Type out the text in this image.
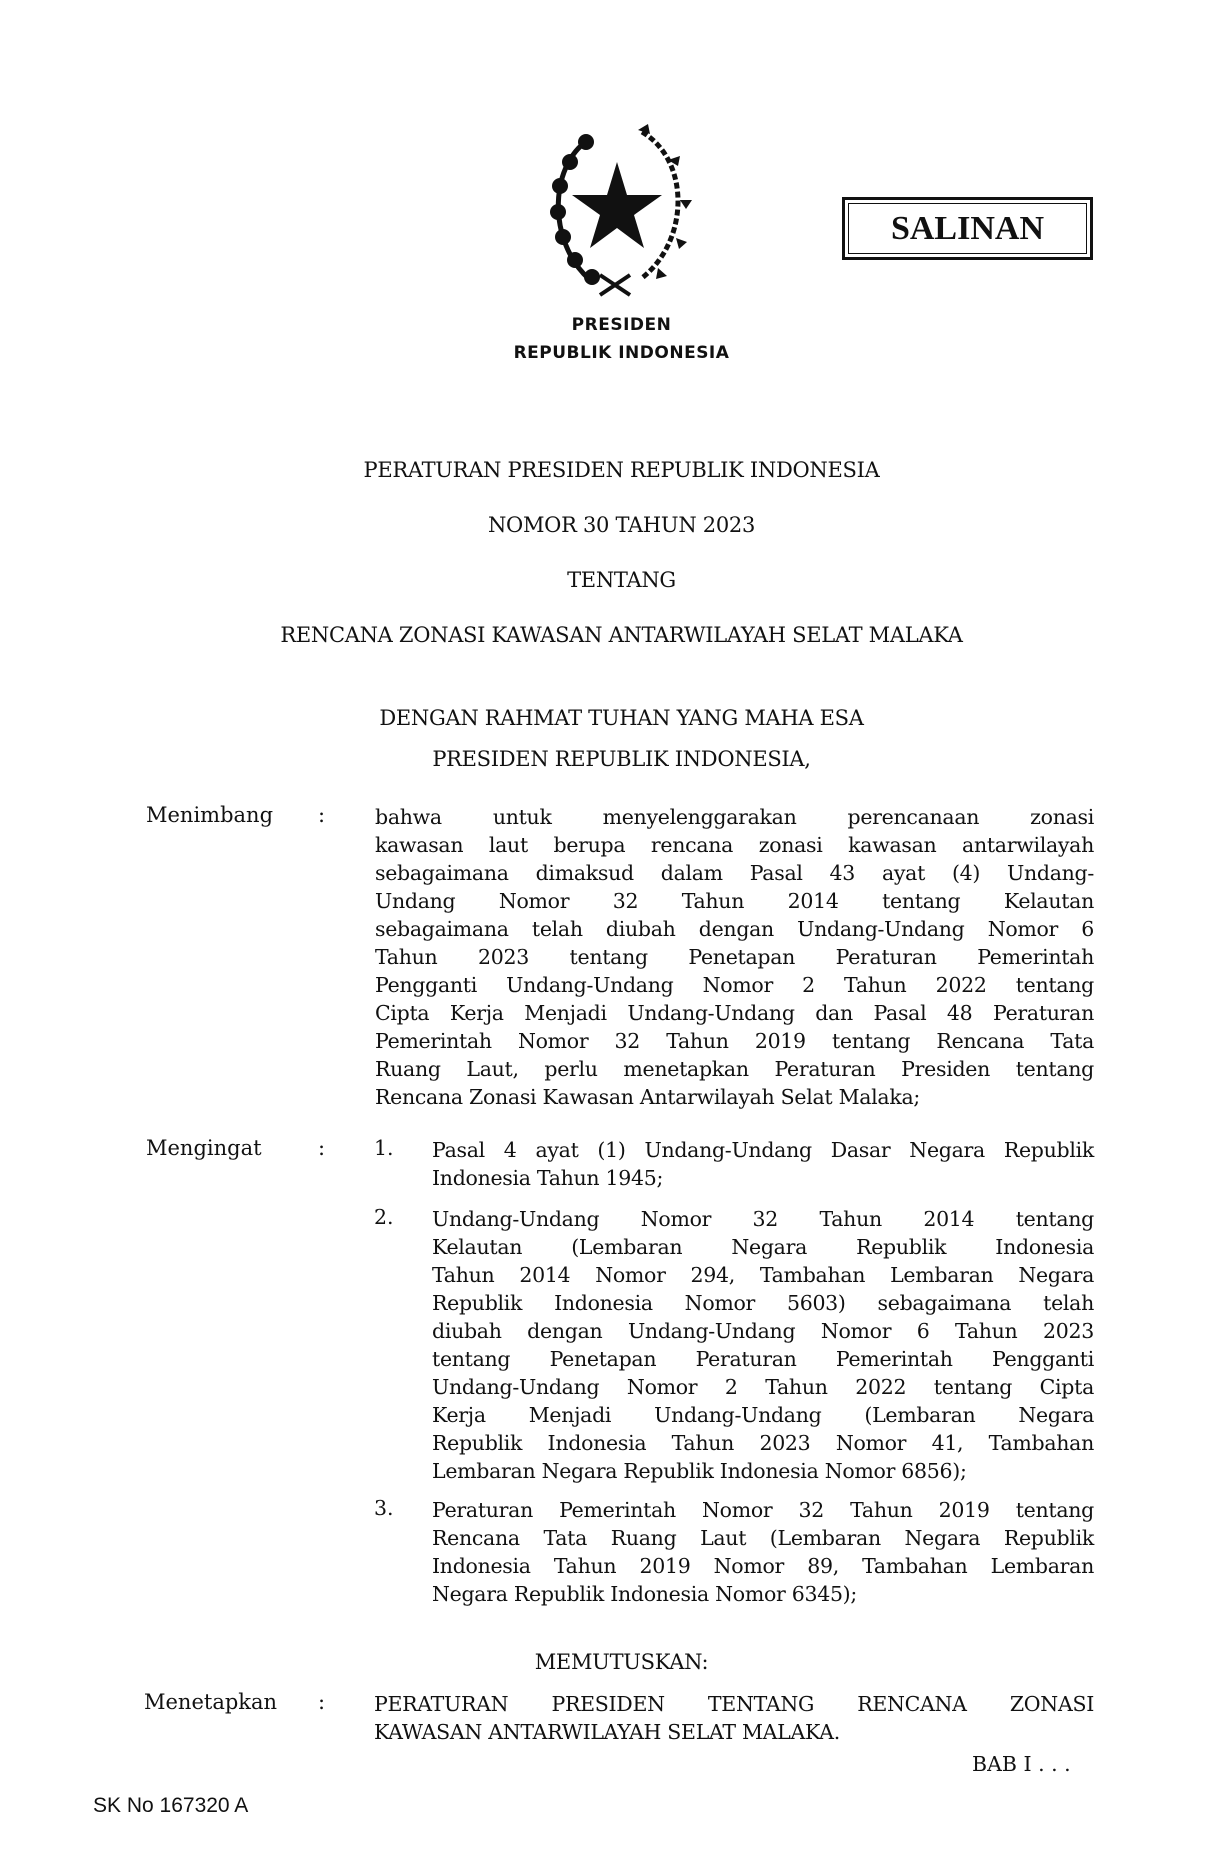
SALINAN
PRESIDEN
REPUBLIK INDONESIA
PERATURAN PRESIDEN REPUBLIK INDONESIA
NOMOR 30 TAHUN 2023
TENTANG
RENCANA ZONASI KAWASAN ANTARWILAYAH SELAT MALAKA
DENGAN RAHMAT TUHAN YANG MAHA ESA
PRESIDEN REPUBLIK INDONESIA,
Menimbang : bahwa untuk menyelenggarakan perencanaan zonasi
kawasan laut berupa rencana zonasi kawasan antarwilayah
sebagaimana dimaksud dalam Pasal 43 ayat (4) Undang-
Undang Nomor 32 Tahun 2014 tentang Kelautan
sebagaimana telah diubah dengan Undang-Undang Nomor 6
Tahun 2023 tentang Penetapan Peraturan Pemerintah
Pengganti Undang-Undang Nomor 2 Tahun 2022 tentang
Cipta Kerja Menjadi Undang-Undang dan Pasal 48 Peraturan
Pemerintah Nomor 32 Tahun 2019 tentang Rencana Tata
Ruang Laut, perlu menetapkan Peraturan Presiden tentang
Rencana Zonasi Kawasan Antarwilayah Selat Malaka;
Mengingat	: 1. Pasal 4 ayat (1) Undang-Undang Dasar Negara Republik
Indonesia Tahun 1945;
2. Undang-Undang Nomor 32 Tahun 2014 tentang
Kelautan (Lembaran Negara Republik Indonesia
Tahun 2014 Nomor 294, Tambahan Lembaran Negara
Republik Indonesia Nomor 5603) sebagaimana telah
diubah dengan Undang-Undang Nomor 6 Tahun 2023
tentang Penetapan Peraturan Pemerintah Pengganti
Undang-Undang Nomor 2 Tahun 2022 tentang Cipta
Kerja Menjadi Undang-Undang (Lembaran Negara
Republik Indonesia Tahun 2023 Nomor 41, Tambahan
Lembaran Negara Republik Indonesia Nomor 6856);
3. Peraturan Pemerintah Nomor 32 Tahun 2019 tentang
Rencana Tata Ruang Laut (Lembaran Negara Republik
Indonesia Tahun 2019 Nomor 89, Tambahan Lembaran
Negara Republik Indonesia Nomor 6345);
MEMUTUSKAN:
Menetapkan : PERATURAN PRESIDEN TENTANG RENCANA ZONASI
KAWASAN ANTARWILAYAH SELAT MALAKA.
BAB I . . .
SK No 167320 A
